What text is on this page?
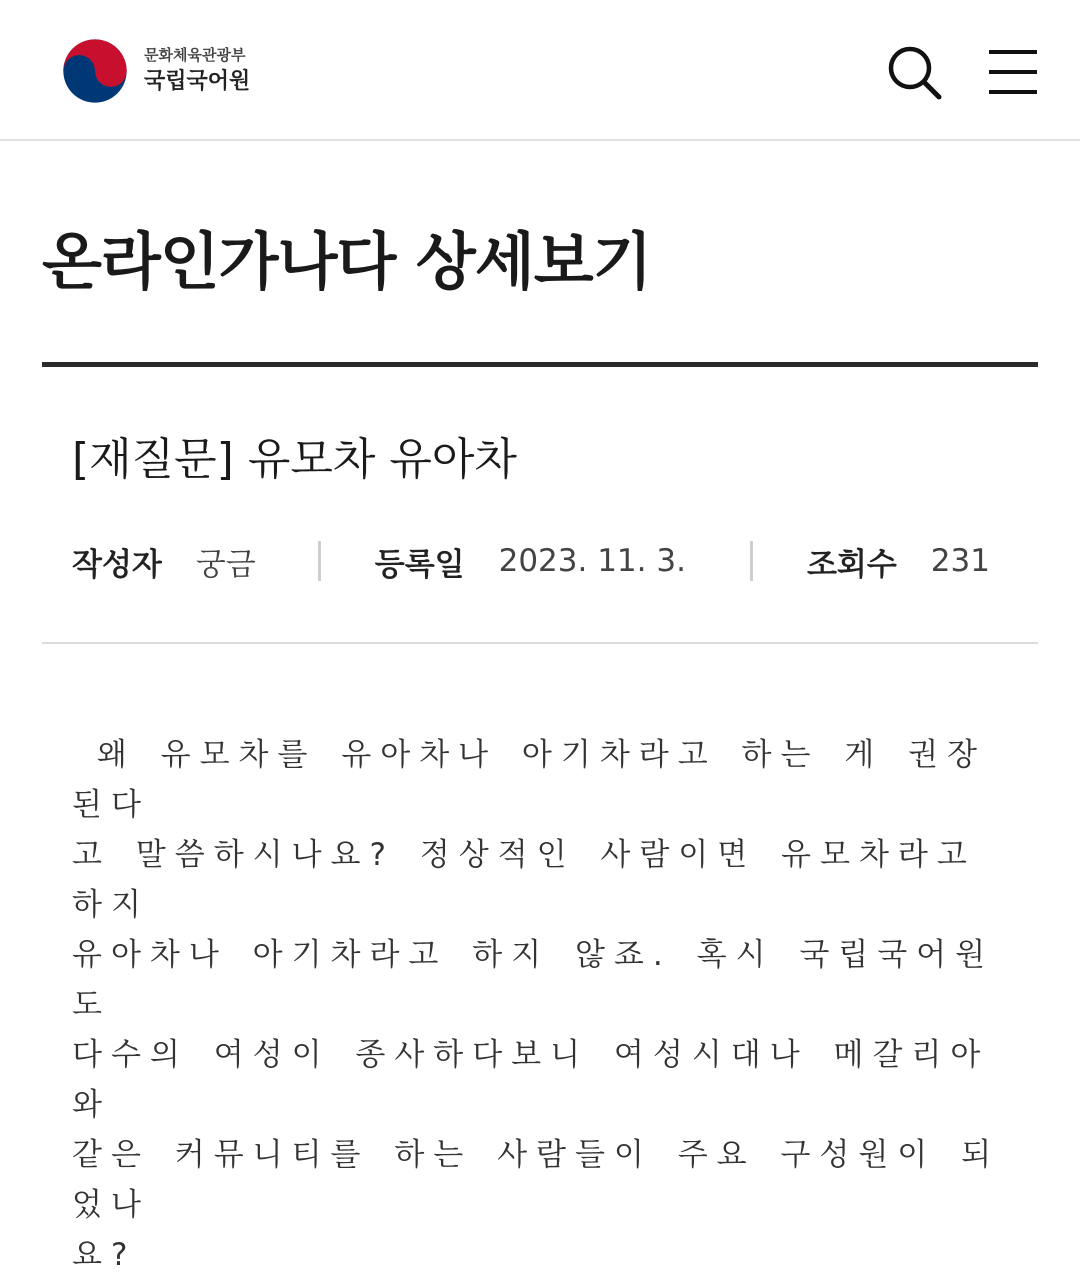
문화체육관광부
국립국어원
온라인가나다 상세보기
[재질문] 유모차 유아차
작성자 궁금	등록일 2023. 11. 3.	조회수 231

왜 유모차를 유아차나 아기차라고 하는 게 권장된다
고 말씀하시나요? 정상적인 사람이면 유모차라고 하지
유아차나 아기차라고 하지 않죠. 혹시 국립국어원도
다수의 여성이 종사하다보니 여성시대나 메갈리아와
같은 커뮤니티를 하는 사람들이 주요 구성원이 되었나
요?
